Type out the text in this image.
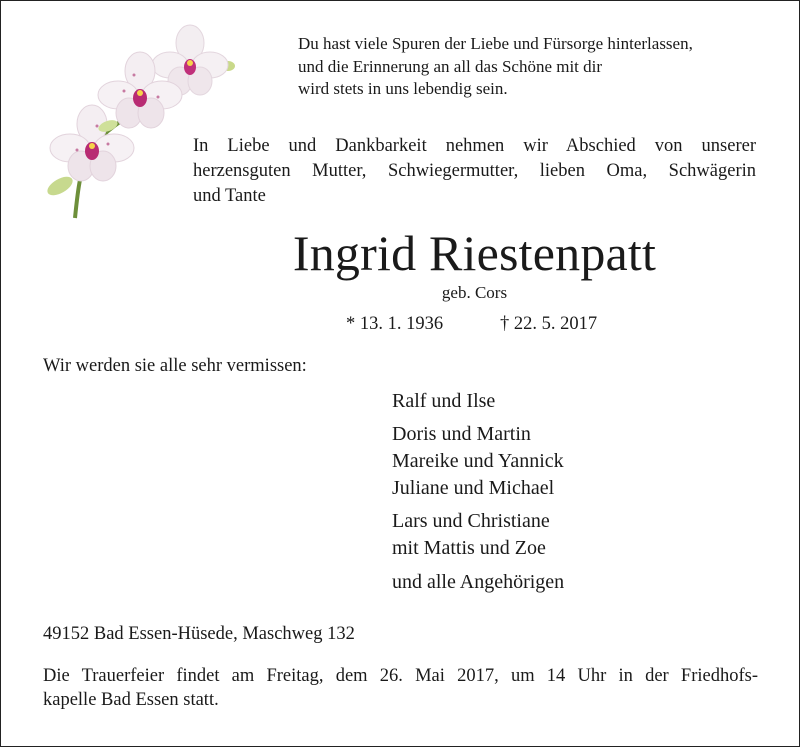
Du hast viele Spuren der Liebe und Fürsorge hinterlassen,
und die Erinnerung an all das Schöne mit dir
wird stets in uns lebendig sein.
In Liebe und Dankbarkeit nehmen wir Abschied von unserer
herzensguten Mutter, Schwiegermutter, lieben Oma, Schwägerin
und Tante
Ingrid Riestenpatt
geb. Cors
* 13. 1. 1936	† 22. 5. 2017
Wir werden sie alle sehr vermissen:
Ralf und Ilse
Doris und Martin
Mareike und Yannick
Juliane und Michael
Lars und Christiane
mit Mattis und Zoe
und alle Angehörigen
49152 Bad Essen-Hüsede, Maschweg 132
Die Trauerfeier findet am Freitag, dem 26. Mai 2017, um 14 Uhr in der Friedhofs-
kapelle Bad Essen statt.
